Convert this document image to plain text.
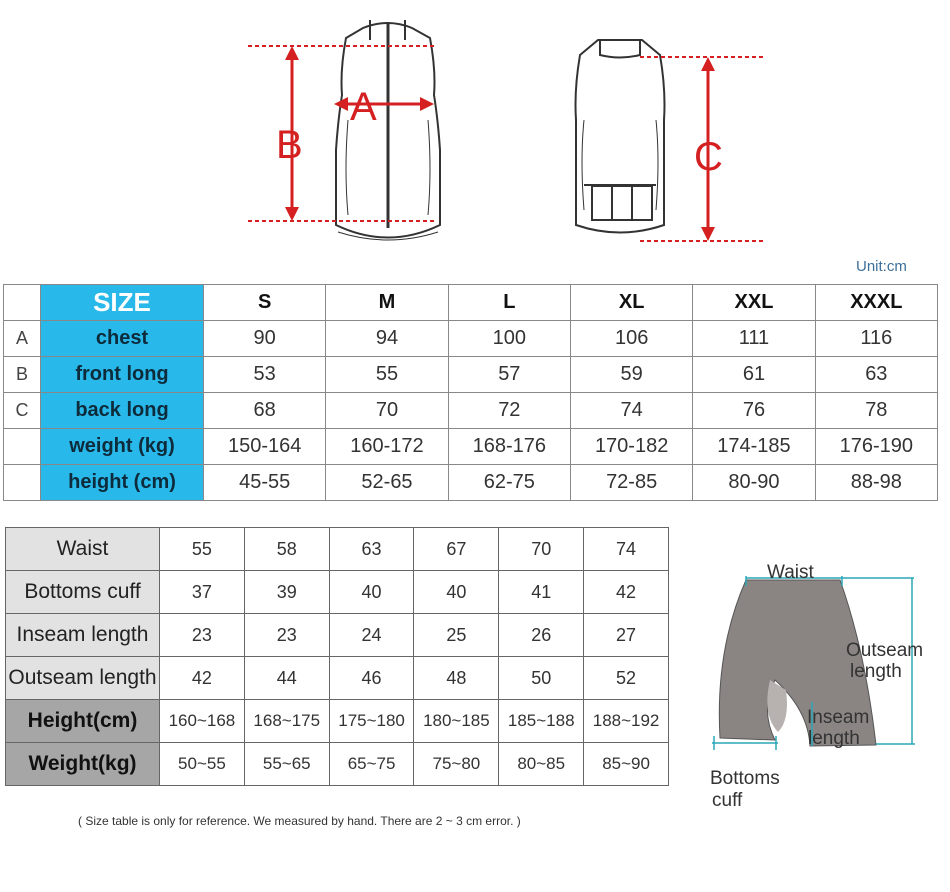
B
A
C
Unit:cm
	SIZE	S	M	L	XL	XXL	XXXL
A	chest	90	94	100	106	111	116
B	front long	53	55	57	59	61	63
C	back long	68	70	72	74	76	78
	weight (kg)	150-164	160-172	168-176	170-182	174-185	176-190
	height (cm)	45-55	52-65	62-75	72-85	80-90	88-98
Waist	55	58	63	67	70	74
Bottoms cuff	37	39	40	40	41	42
Inseam length	23	23	24	25	26	27
Outseam length	42	44	46	48	50	52
Height(cm)	160~168	168~175	175~180	180~185	185~188	188~192
Weight(kg)	50~55	55~65	65~75	75~80	80~85	85~90
Waist
Outseam
length
Inseam
length
Bottoms
cuff
( Size table is only for reference. We measured by hand. There are 2 ~ 3 cm error. )
